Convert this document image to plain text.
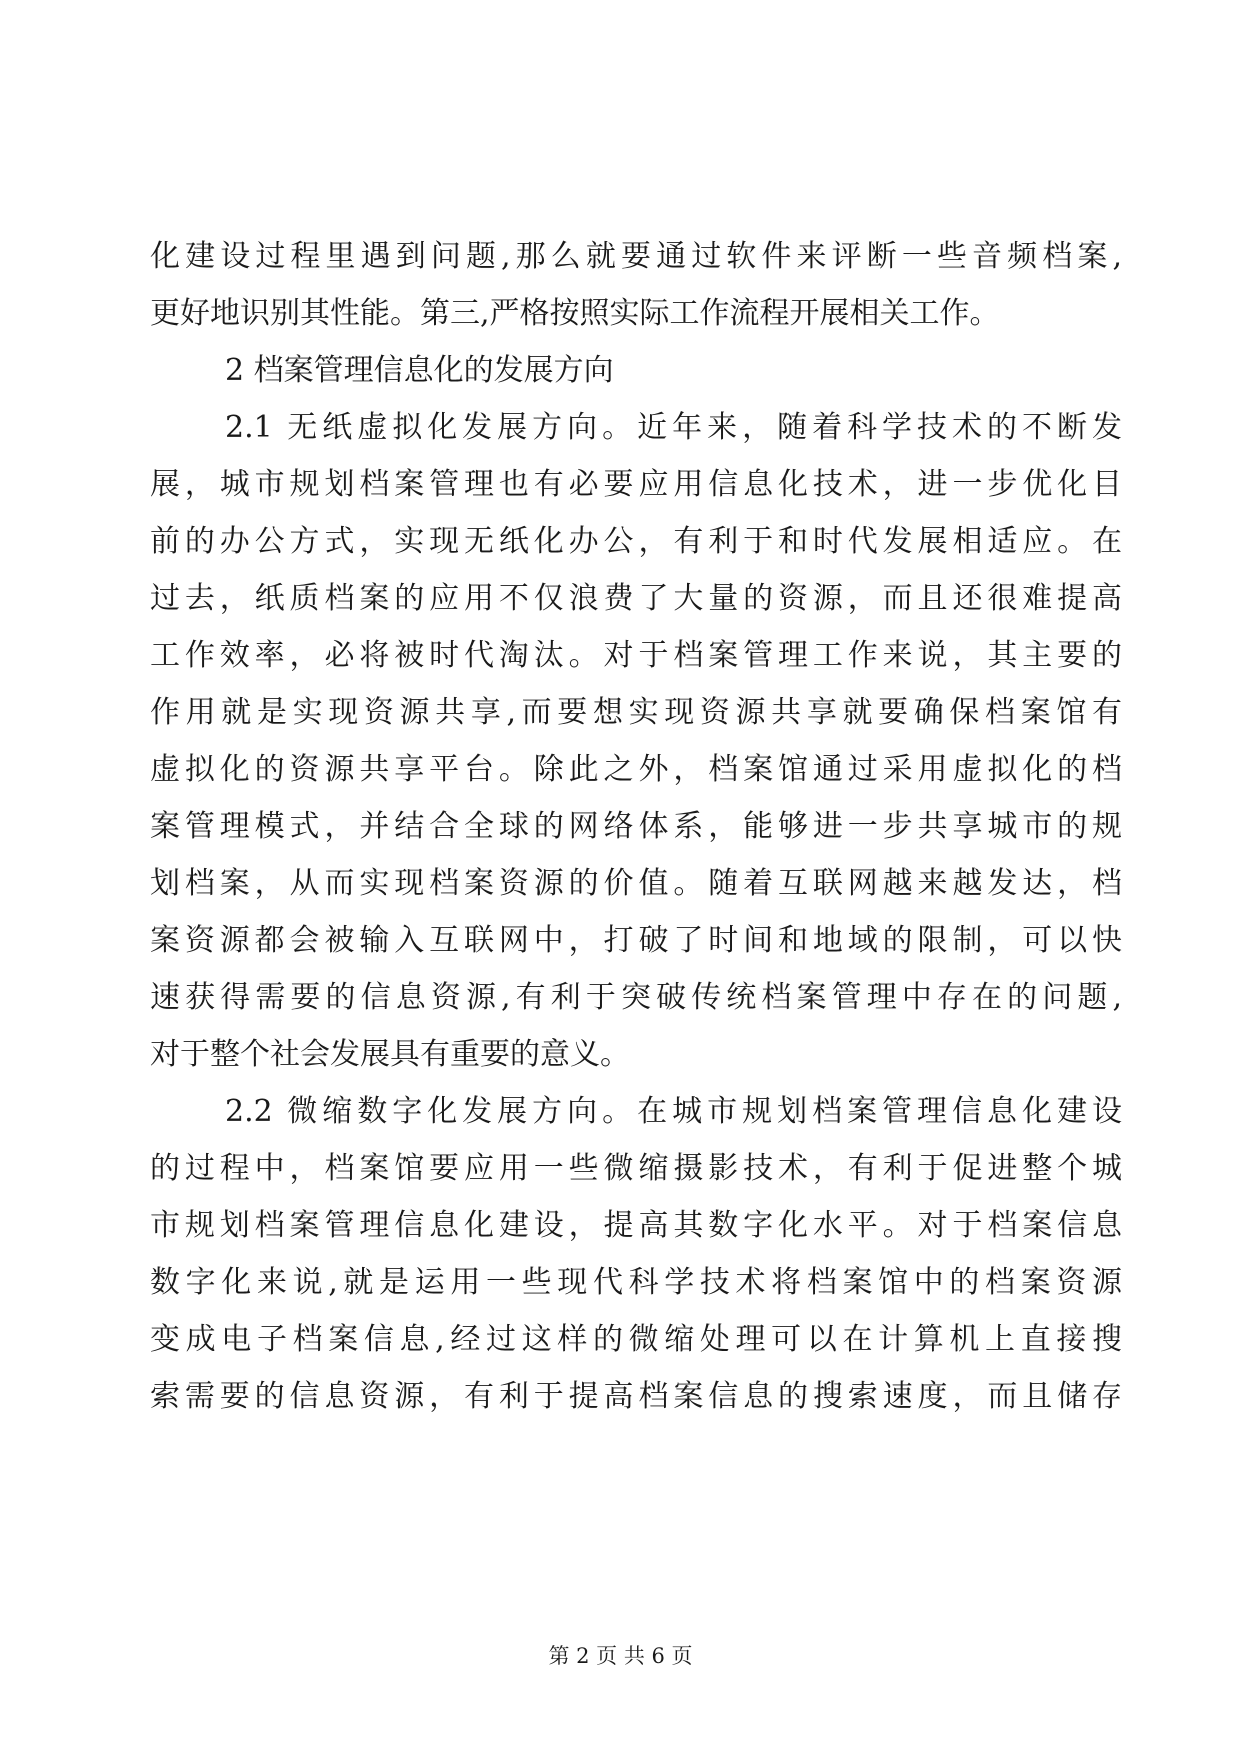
化建设过程里遇到问题,那么就要通过软件来评断一些音频档案,
更好地识别其性能。第三,严格按照实际工作流程开展相关工作。
2 档案管理信息化的发展方向
2.1 无纸虚拟化发展方向。近年来，随着科学技术的不断发
展，城市规划档案管理也有必要应用信息化技术，进一步优化目
前的办公方式，实现无纸化办公，有利于和时代发展相适应。在
过去，纸质档案的应用不仅浪费了大量的资源，而且还很难提高
工作效率，必将被时代淘汰。对于档案管理工作来说，其主要的
作用就是实现资源共享,而要想实现资源共享就要确保档案馆有
虚拟化的资源共享平台。除此之外，档案馆通过采用虚拟化的档
案管理模式，并结合全球的网络体系，能够进一步共享城市的规
划档案，从而实现档案资源的价值。随着互联网越来越发达，档
案资源都会被输入互联网中，打破了时间和地域的限制，可以快
速获得需要的信息资源,有利于突破传统档案管理中存在的问题,
对于整个社会发展具有重要的意义。
2.2 微缩数字化发展方向。在城市规划档案管理信息化建设
的过程中，档案馆要应用一些微缩摄影技术，有利于促进整个城
市规划档案管理信息化建设，提高其数字化水平。对于档案信息
数字化来说,就是运用一些现代科学技术将档案馆中的档案资源
变成电子档案信息,经过这样的微缩处理可以在计算机上直接搜
索需要的信息资源，有利于提高档案信息的搜索速度，而且储存
第 2 页 共 6 页
